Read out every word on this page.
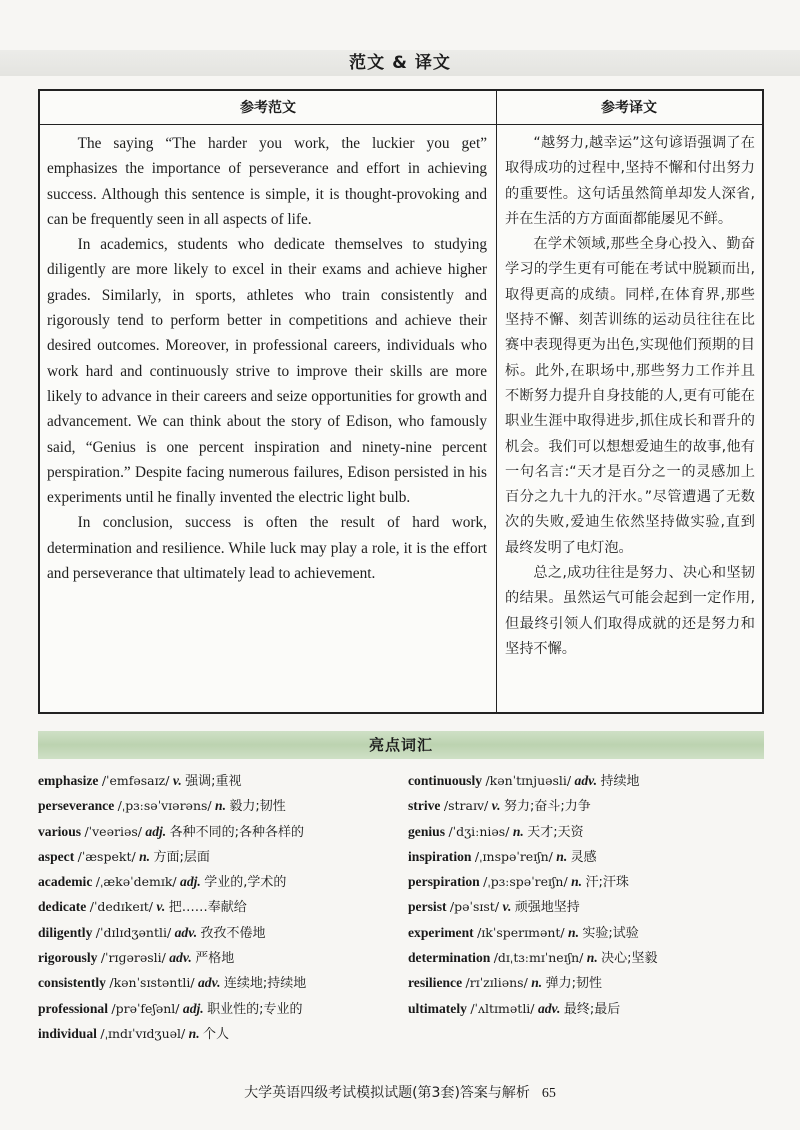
范文 & 译文
参考范文	参考译文

The saying “The harder you work, the luckier you get” emphasizes the importance of perseverance and effort in achieving success. Although this sentence is simple, it is thought-provoking and can be frequently seen in all aspects of life.

In academics, students who dedicate themselves to studying diligently are more likely to excel in their exams and achieve higher grades. Similarly, in sports, athletes who train consistently and rigorously tend to perform better in competitions and achieve their desired outcomes. Moreover, in professional careers, individuals who work hard and continuously strive to improve their skills are more likely to advance in their careers and seize opportunities for growth and advancement. We can think about the story of Edison, who famously said, “Genius is one percent inspiration and ninety-nine percent perspiration.” Despite facing numerous failures, Edison persisted in his experiments until he finally invented the electric light bulb.

In conclusion, success is often the result of hard work, determination and resilience. While luck may play a role, it is the effort and perseverance that ultimately lead to achievement.

“越努力,越幸运”这句谚语强调了在取得成功的过程中,坚持不懈和付出努力的重要性。这句话虽然简单却发人深省,并在生活的方方面面都能屡见不鲜。

在学术领域,那些全身心投入、勤奋学习的学生更有可能在考试中脱颖而出,取得更高的成绩。同样,在体育界,那些坚持不懈、刻苦训练的运动员往往在比赛中表现得更为出色,实现他们预期的目标。此外,在职场中,那些努力工作并且不断努力提升自身技能的人,更有可能在职业生涯中取得进步,抓住成长和晋升的机会。我们可以想想爱迪生的故事,他有一句名言:“天才是百分之一的灵感加上百分之九十九的汗水。”尽管遭遇了无数次的失败,爱迪生依然坚持做实验,直到最终发明了电灯泡。

总之,成功往往是努力、决心和坚韧的结果。虽然运气可能会起到一定作用,但最终引领人们取得成就的还是努力和坚持不懈。

亮点词汇
emphasize /ˈemfəsaɪz/ v. 强调;重视
perseverance /ˌpɜːsəˈvɪərəns/ n. 毅力;韧性
various /ˈveəriəs/ adj. 各种不同的;各种各样的
aspect /ˈæspekt/ n. 方面;层面
academic /ˌækəˈdemɪk/ adj. 学业的,学术的
dedicate /ˈdedɪkeɪt/ v. 把……奉献给
diligently /ˈdɪlɪdʒəntli/ adv. 孜孜不倦地
rigorously /ˈrɪɡərəsli/ adv. 严格地
consistently /kənˈsɪstəntli/ adv. 连续地;持续地
professional /prəˈfeʃənl/ adj. 职业性的;专业的
individual /ˌɪndɪˈvɪdʒuəl/ n. 个人
continuously /kənˈtɪnjuəsli/ adv. 持续地
strive /straɪv/ v. 努力;奋斗;力争
genius /ˈdʒiːniəs/ n. 天才;天资
inspiration /ˌɪnspəˈreɪʃn/ n. 灵感
perspiration /ˌpɜːspəˈreɪʃn/ n. 汗;汗珠
persist /pəˈsɪst/ v. 顽强地坚持
experiment /ɪkˈsperɪmənt/ n. 实验;试验
determination /dɪˌtɜːmɪˈneɪʃn/ n. 决心;坚毅
resilience /rɪˈzɪliəns/ n. 弹力;韧性
ultimately /ˈʌltɪmətli/ adv. 最终;最后
大学英语四级考试模拟试题(第3套)答案与解析 65
